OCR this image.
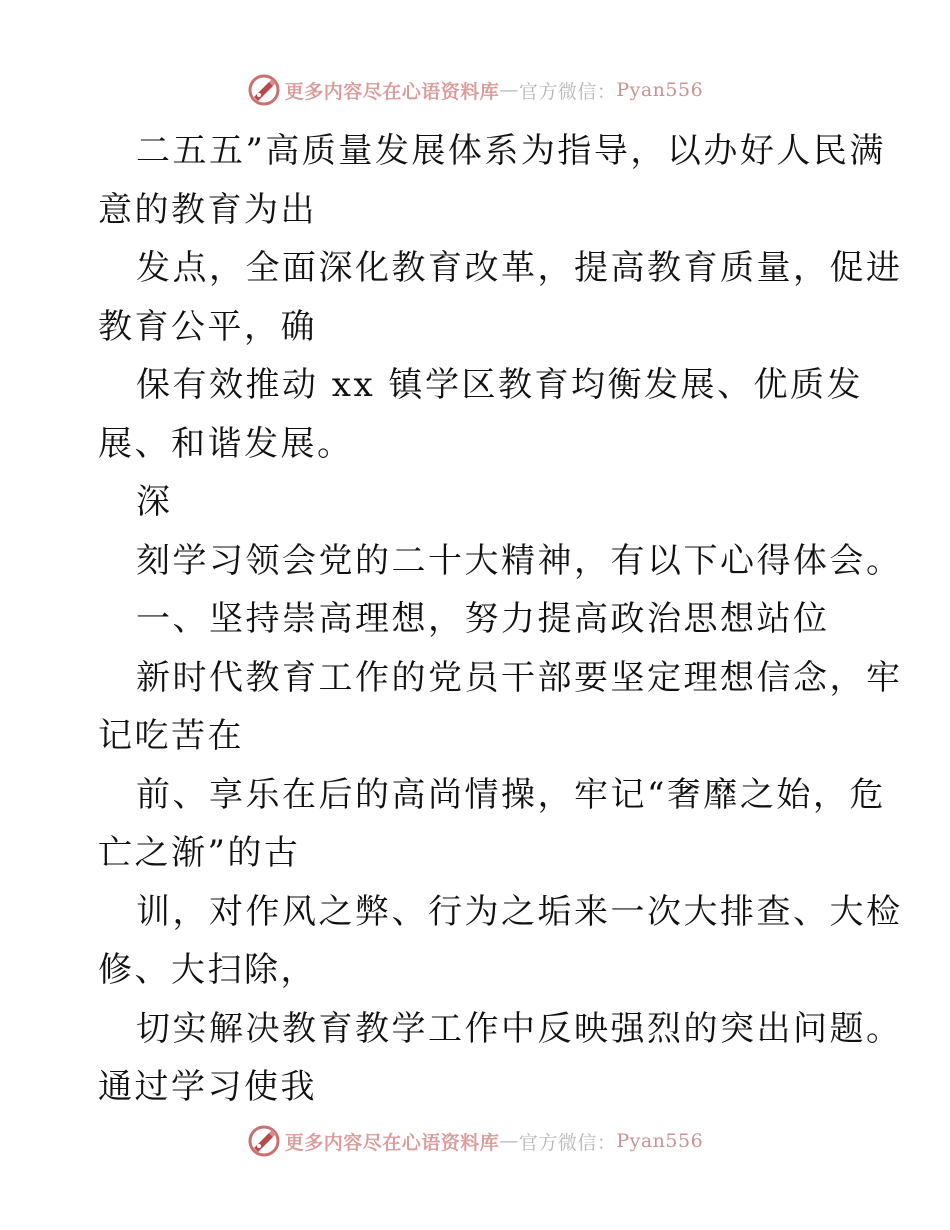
更多内容尽在心语资料库 — 官方微信： Pyan556
二五五”高质量发展体系为指导，以办好人民满
意的教育为出
发点，全面深化教育改革，提高教育质量，促进
教育公平，确
保有效推动 xx 镇学区教育均衡发展、优质发
展、和谐发展。
深
刻学习领会党的二十大精神，有以下心得体会。
一、坚持崇高理想，努力提高政治思想站位
新时代教育工作的党员干部要坚定理想信念，牢
记吃苦在
前、享乐在后的高尚情操，牢记“奢靡之始，危
亡之渐”的古
训，对作风之弊、行为之垢来一次大排查、大检
修、大扫除，
切实解决教育教学工作中反映强烈的突出问题。
通过学习使我
更多内容尽在心语资料库 — 官方微信： Pyan556
